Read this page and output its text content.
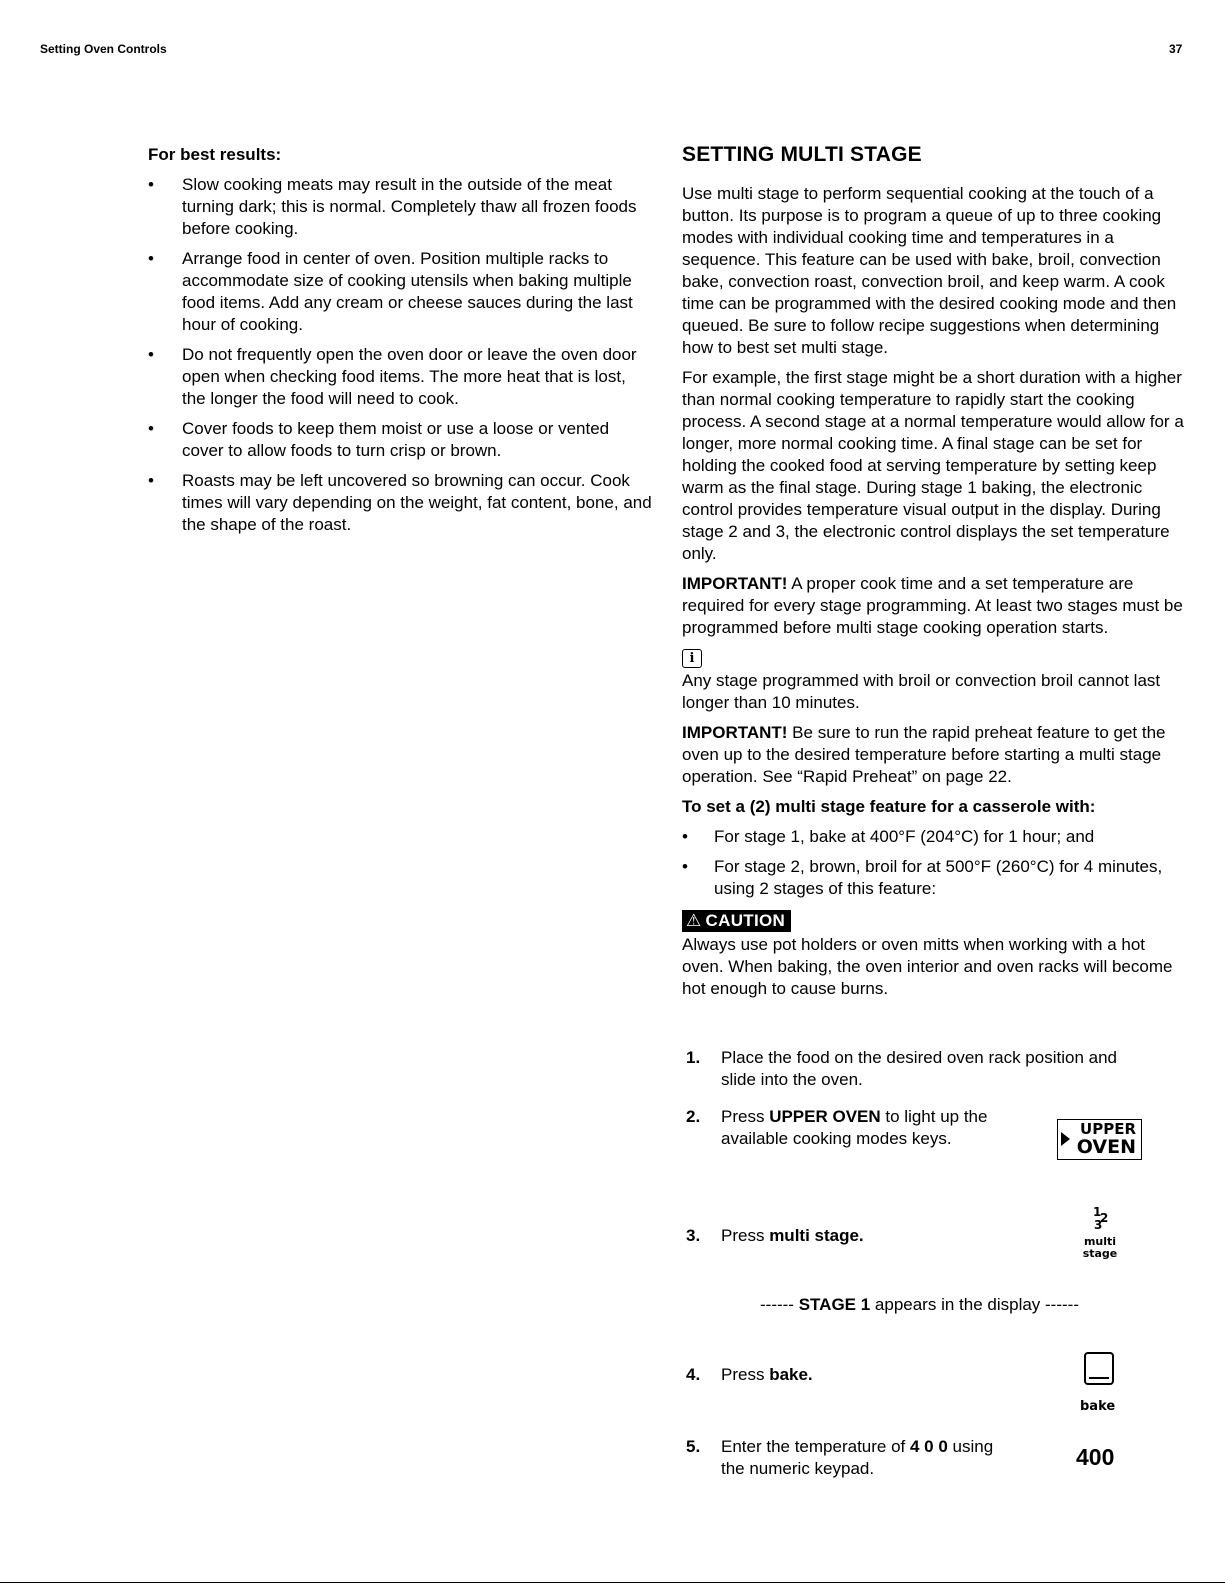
Setting Oven Controls	37
For best results:
• Slow cooking meats may result in the outside of the meat turning dark; this is normal. Completely thaw all frozen foods before cooking.
• Arrange food in center of oven. Position multiple racks to accommodate size of cooking utensils when baking multiple food items. Add any cream or cheese sauces during the last hour of cooking.
• Do not frequently open the oven door or leave the oven door open when checking food items. The more heat that is lost, the longer the food will need to cook.
• Cover foods to keep them moist or use a loose or vented cover to allow foods to turn crisp or brown.
• Roasts may be left uncovered so browning can occur. Cook times will vary depending on the weight, fat content, bone, and the shape of the roast.
SETTING MULTI STAGE

Use multi stage to perform sequential cooking at the touch of a button. Its purpose is to program a queue of up to three cooking modes with individual cooking time and temperatures in a sequence. This feature can be used with bake, broil, convection bake, convection roast, convection broil, and keep warm. A cook time can be programmed with the desired cooking mode and then queued. Be sure to follow recipe suggestions when determining how to best set multi stage.

For example, the first stage might be a short duration with a higher than normal cooking temperature to rapidly start the cooking process. A second stage at a normal temperature would allow for a longer, more normal cooking time. A final stage can be set for holding the cooked food at serving temperature by setting keep warm as the final stage. During stage 1 baking, the electronic control provides temperature visual output in the display. During stage 2 and 3, the electronic control displays the set temperature only.

IMPORTANT! A proper cook time and a set temperature are required for every stage programming. At least two stages must be programmed before multi stage cooking operation starts.

i

Any stage programmed with broil or convection broil cannot last longer than 10 minutes.

IMPORTANT! Be sure to run the rapid preheat feature to get the oven up to the desired temperature before starting a multi stage operation. See “Rapid Preheat” on page 22.

To set a (2) multi stage feature for a casserole with:
• For stage 1, bake at 400°F (204°C) for 1 hour; and
• For stage 2, brown, broil for at 500°F (260°C) for 4 minutes, using 2 stages of this feature:
⚠ CAUTION

Always use pot holders or oven mitts when working with a hot oven. When baking, the oven interior and oven racks will become hot enough to cause burns.

1. Place the food on the desired oven rack position and slide into the oven.
2. Press UPPER OVEN to light up the available cooking modes keys.	UPPER
OVEN
3. Press multi stage.
1
2
3
multi
stage
------ STAGE 1 appears in the display ------
4. Press bake.
bake
5. Enter the temperature of 4 0 0 using the numeric keypad.	400
